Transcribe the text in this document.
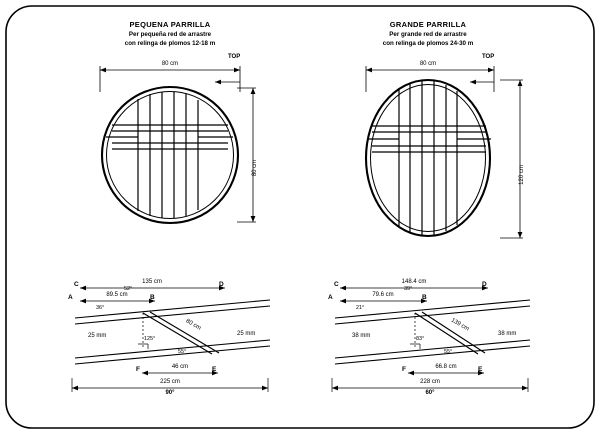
PEQUENA PARRILLA
Per pequeña red de arrastre
con relinga de plomos 12-18 m
80 cm
TOP
80 cm
C	D
A	B
F	E
135 cm
89.5 cm
46 cm
225 cm
90°
52°
36°
125°
55°
80 cm
25 mm	25 mm
GRANDE PARRILLA
Per grande red de arrastre
con relinga de plomos 24-30 m
80 cm
TOP
120 cm
C	D
A	B
F	E
148.4 cm
79.6 cm
66.8 cm
228 cm
60°
39°
21°
83°
55°
139 cm
38 mm	38 mm
